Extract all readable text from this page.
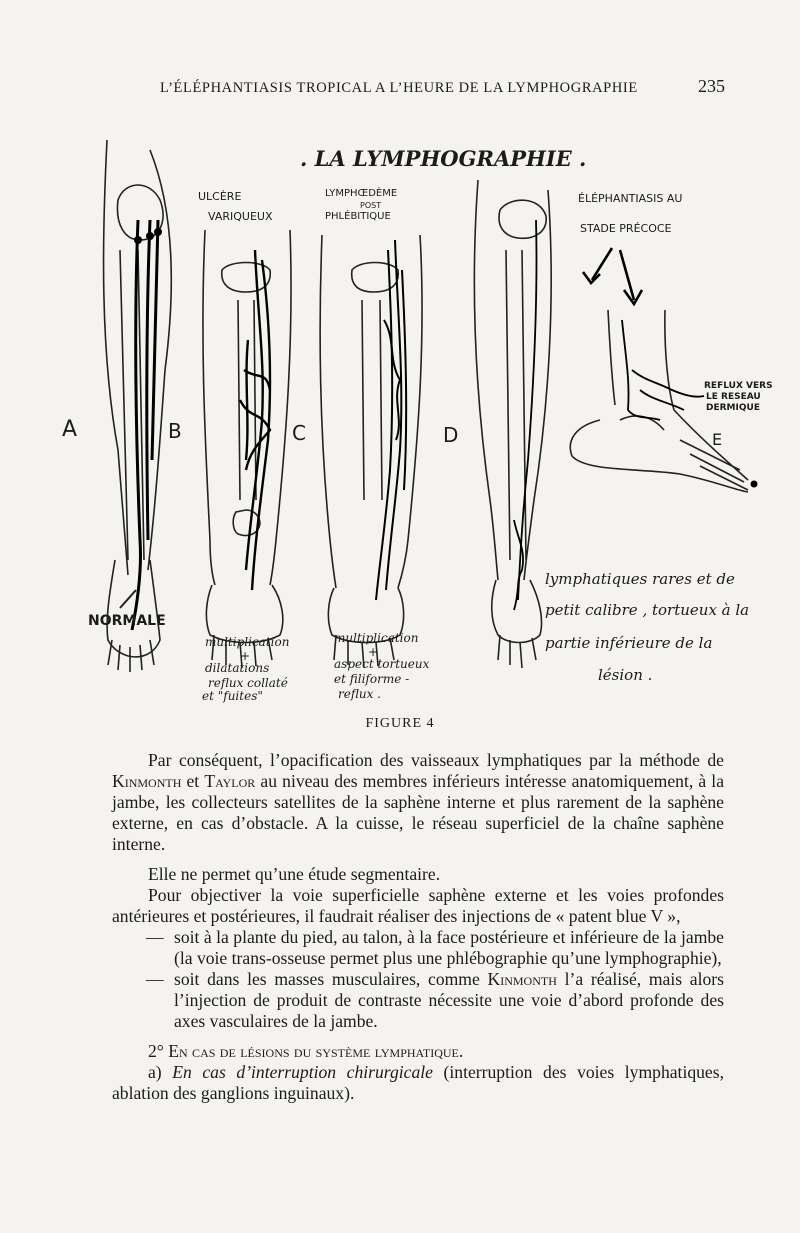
L’ÉLÉPHANTIASIS TROPICAL A L’HEURE DE LA LYMPHOGRAPHIE	235
. LA LYMPHOGRAPHIE .
A
NORMALE
ULCÈRE
VARIQUEUX
B
multiplication
+
dilatations
reflux collaté
et "fuites"
LYMPHŒDÈME
POST
PHLÉBITIQUE
C
multiplication
+
aspect tortueux
et filiforme -
reflux .
D
ÉLÉPHANTIASIS AU
STADE PRÉCOCE
REFLUX VERS
LE RESEAU
DERMIQUE
E
lymphatiques rares et de
petit calibre , tortueux à la
partie inférieure de la
lésion .
FIGURE 4

Par conséquent, l’opacification des vaisseaux lymphatiques par la méthode de Kinmonth et Taylor au niveau des membres inférieurs intéresse anatomiquement, à la jambe, les collecteurs satellites de la saphène interne et plus rarement de la saphène externe, en cas d’obstacle. A la cuisse, le réseau superficiel de la chaîne saphène interne.

Elle ne permet qu’une étude segmentaire.

Pour objectiver la voie superficielle saphène externe et les voies profondes antérieures et postérieures, il faudrait réaliser des injections de « patent blue V »,

— soit à la plante du pied, au talon, à la face postérieure et inférieure de la jambe (la voie trans-osseuse permet plus une phlébographie qu’une lymphographie),
— soit dans les masses musculaires, comme Kinmonth l’a réalisé, mais alors l’injection de produit de contraste nécessite une voie d’abord profonde des axes vasculaires de la jambe.

2° En cas de lésions du système lymphatique.

a) En cas d’interruption chirurgicale (interruption des voies lymphatiques, ablation des ganglions inguinaux).
